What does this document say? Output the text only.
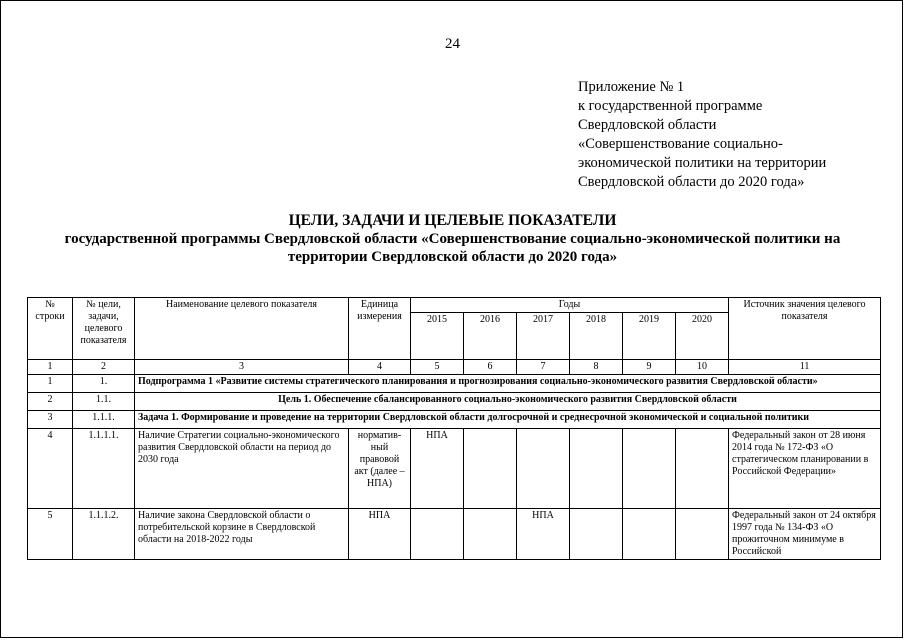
24
Приложение № 1
к государственной программе
Свердловской области
«Совершенствование социально-
экономической политики на территории
Свердловской области до 2020 года»
ЦЕЛИ, ЗАДАЧИ И ЦЕЛЕВЫЕ ПОКАЗАТЕЛИ
государственной программы Свердловской области «Совершенствование социально-экономической политики на
территории Свердловской области до 2020 года»
№ строки	№ цели, задачи, целевого показателя	Наименование целевого показателя	Единица измерения	Годы						Источник значения целевого показателя
				2015	2016	2017	2018	2019	2020	
1	2	3	4	5	6	7	8	9	10	11
1	1.	Подпрограмма 1 «Развитие системы стратегического планирования и прогнозирования социально-экономического развития Свердловской области»								
2	1.1.	Цель 1. Обеспечение сбалансированного социально-экономического развития Свердловской области								
3	1.1.1.	Задача 1. Формирование и проведение на территории Свердловской области долгосрочной и среднесрочной экономической и социальной политики								
4	1.1.1.1.	Наличие Стратегии социально-экономического развития Свердловской области на период до 2030 года	норматив-ный правовой акт (далее – НПА)	НПА						Федеральный закон от 28 июня 2014 года № 172-ФЗ «О стратегическом планировании в Российской Федерации»
5	1.1.1.2.	Наличие закона Свердловской области о потребительской корзине в Свердловской области на 2018-2022 годы	НПА			НПА				Федеральный закон от 24 октября 1997 года № 134-ФЗ «О прожиточном минимуме в Российской
